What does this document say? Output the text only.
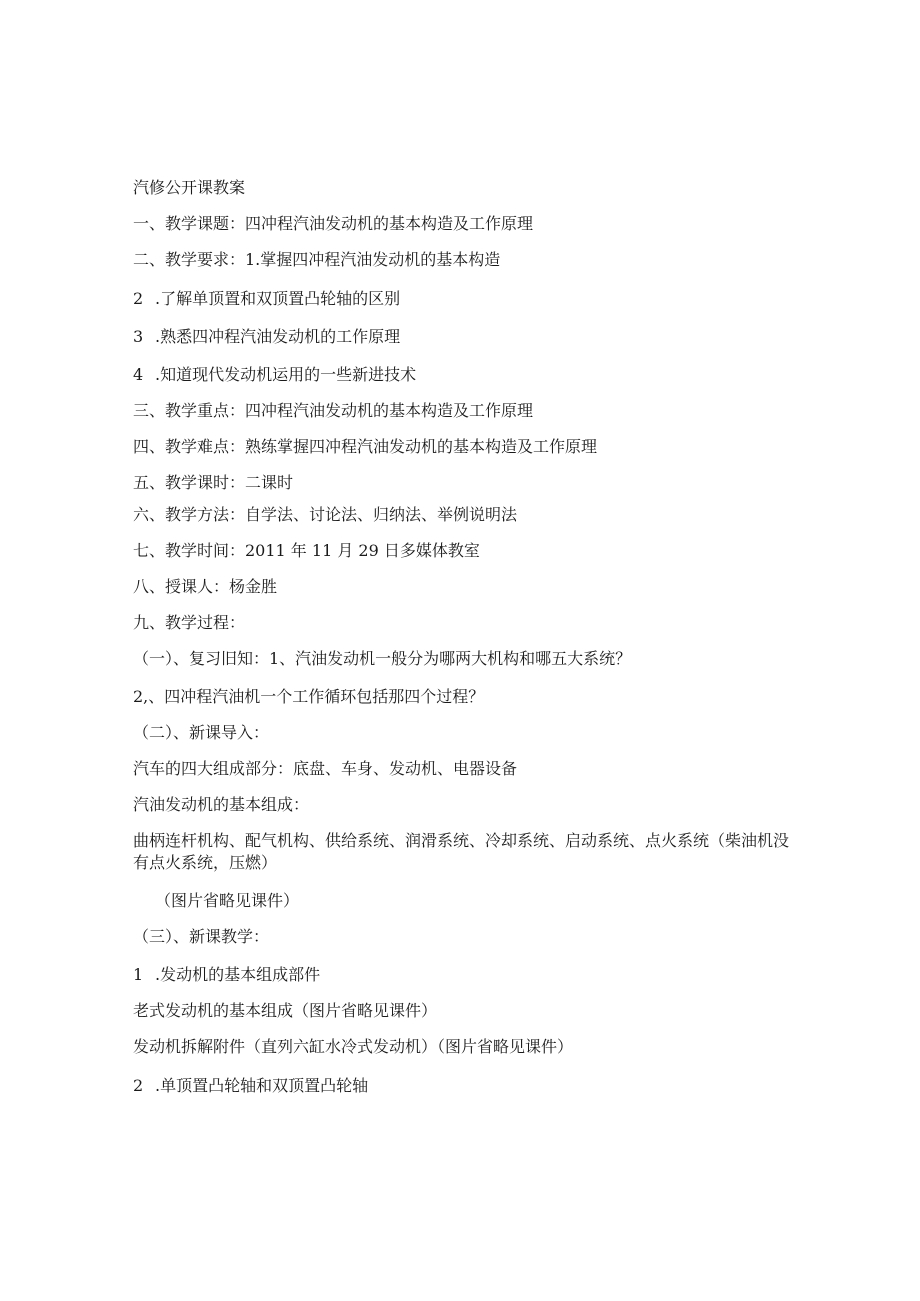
汽修公开课教案
一、教学课题：四冲程汽油发动机的基本构造及工作原理
二、教学要求：1.掌握四冲程汽油发动机的基本构造
2 .了解单顶置和双顶置凸轮轴的区别
3 .熟悉四冲程汽油发动机的工作原理
4 .知道现代发动机运用的一些新进技术
三、教学重点：四冲程汽油发动机的基本构造及工作原理
四、教学难点：熟练掌握四冲程汽油发动机的基本构造及工作原理
五、教学课时：二课时
六、教学方法：自学法、讨论法、归纳法、举例说明法
七、教学时间：2011 年 11 月 29 日多媒体教室
八、授课人：杨金胜
九、教学过程：
（一）、复习旧知：1、汽油发动机一般分为哪两大机构和哪五大系统？
2,、四冲程汽油机一个工作循环包括那四个过程？
（二）、新课导入：
汽车的四大组成部分：底盘、车身、发动机、电器设备
汽油发动机的基本组成：
曲柄连杆机构、配气机构、供给系统、润滑系统、冷却系统、启动系统、点火系统（柴油机没有点火系统，压燃）
（图片省略见课件）
（三）、新课教学：
1 .发动机的基本组成部件
老式发动机的基本组成（图片省略见课件）
发动机拆解附件（直列六缸水冷式发动机）（图片省略见课件）
2 .单顶置凸轮轴和双顶置凸轮轴
